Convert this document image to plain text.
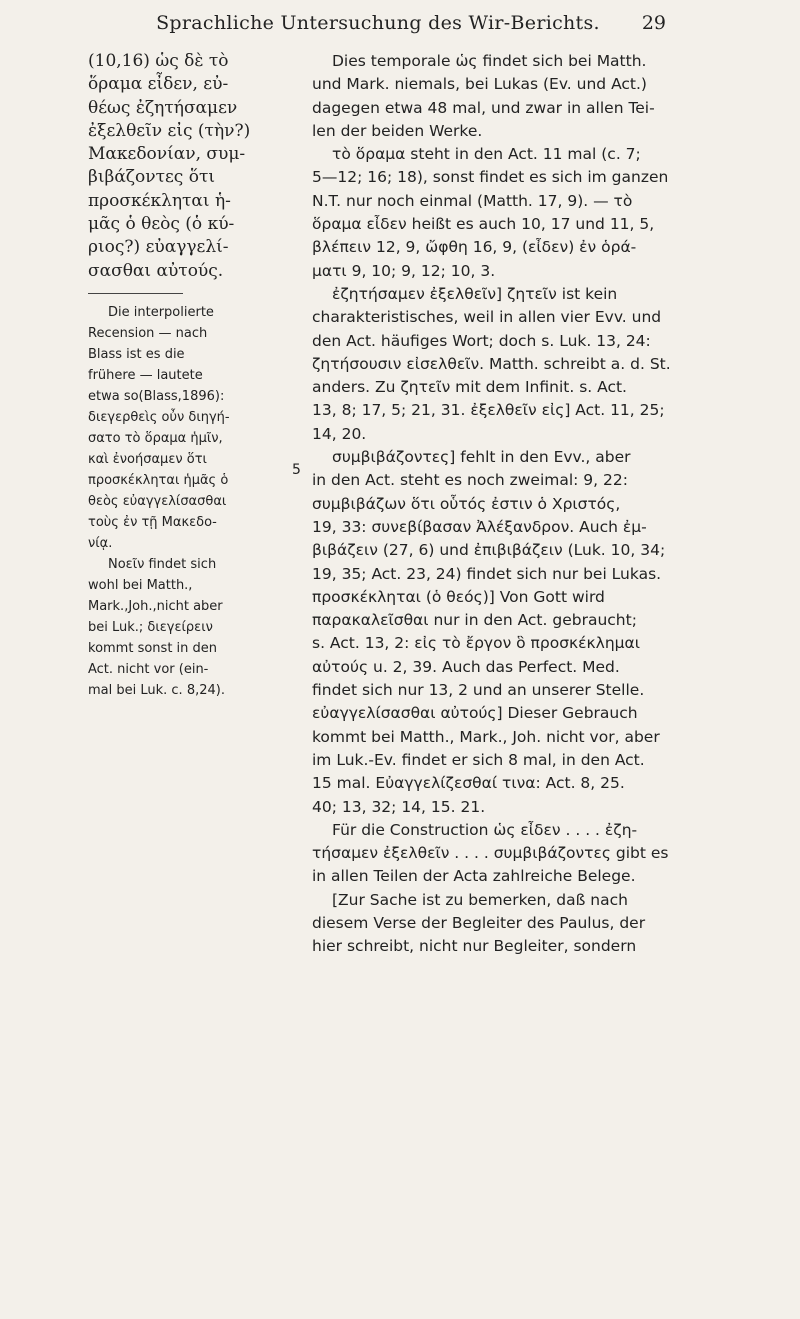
Sprachliche Untersuchung des Wir-Berichts.	29
(10,16) ὡς δὲ τὸ
ὅραμα εἶδεν, εὐ-
θέως ἐζητήσαμεν
ἐξελθεῖν εἰς (τὴν?)
Μακεδονίαν, συμ-
βιβάζοντες ὅτι
προσκέκληται ἡ-
μᾶς ὁ θεὸς (ὁ κύ-
ριος?) εὐαγγελί-
σασθαι αὐτούς.
Die interpolierte
Recension — nach
Blass ist es die
frühere — lautete
etwa so(Blass,1896):
διεγερθεὶς οὖν διηγή-
σατο τὸ ὅραμα ἡμῖν,
καὶ ἐνοήσαμεν ὅτι
προσκέκληται ἡμᾶς ὁ
θεὸς εὐαγγελίσασθαι
τοὺς ἐν τῇ Μακεδο-
νίᾳ.
Νοεῖν findet sich
wohl bei Matth.,
Mark.,Joh.,nicht aber
bei Luk.; διεγείρειν
kommt sonst in den
Act. nicht vor (ein-
mal bei Luk. c. 8,24).
5
Dies temporale ὡς findet sich bei Matth.
und Mark. niemals, bei Lukas (Ev. und Act.)
dagegen etwa 48 mal, und zwar in allen Tei-
len der beiden Werke.
τὸ ὅραμα steht in den Act. 11 mal (c. 7;
5—12; 16; 18), sonst findet es sich im ganzen
N.T. nur noch einmal (Matth. 17, 9). — τὸ
ὅραμα εἶδεν heißt es auch 10, 17 und 11, 5,
βλέπειν 12, 9, ὤφθη 16, 9, (εἶδεν) ἐν ὁρά-
ματι 9, 10; 9, 12; 10, 3.
ἐζητήσαμεν ἐξελθεῖν] ζητεῖν ist kein
charakteristisches, weil in allen vier Evv. und
den Act. häufiges Wort; doch s. Luk. 13, 24:
ζητήσουσιν εἰσελθεῖν. Matth. schreibt a. d. St.
anders. Zu ζητεῖν mit dem Infinit. s. Act.
13, 8; 17, 5; 21, 31. ἐξελθεῖν εἰς] Act. 11, 25;
14, 20.
συμβιβάζοντες] fehlt in den Evv., aber
in den Act. steht es noch zweimal: 9, 22:
συμβιβάζων ὅτι οὗτός ἐστιν ὁ Χριστός,
19, 33: συνεβίβασαν Ἀλέξανδρον. Auch ἐμ-
βιβάζειν (27, 6) und ἐπιβιβάζειν (Luk. 10, 34;
19, 35; Act. 23, 24) findet sich nur bei Lukas.
προσκέκληται (ὁ θεός)] Von Gott wird
παρακαλεῖσθαι nur in den Act. gebraucht;
s. Act. 13, 2: εἰς τὸ ἔργον ὃ προσκέκλημαι
αὐτούς u. 2, 39. Auch das Perfect. Med.
findet sich nur 13, 2 und an unserer Stelle.
εὐαγγελίσασθαι αὐτούς] Dieser Gebrauch
kommt bei Matth., Mark., Joh. nicht vor, aber
im Luk.-Ev. findet er sich 8 mal, in den Act.
15 mal. Εὐαγγελίζεσθαί τινα: Act. 8, 25.
40; 13, 32; 14, 15. 21.
Für die Construction ὡς εἶδεν . . . . ἐζη-
τήσαμεν ἐξελθεῖν . . . . συμβιβάζοντες gibt es
in allen Teilen der Acta zahlreiche Belege.
[Zur Sache ist zu bemerken, daß nach
diesem Verse der Begleiter des Paulus, der
hier schreibt, nicht nur Begleiter, sondern
